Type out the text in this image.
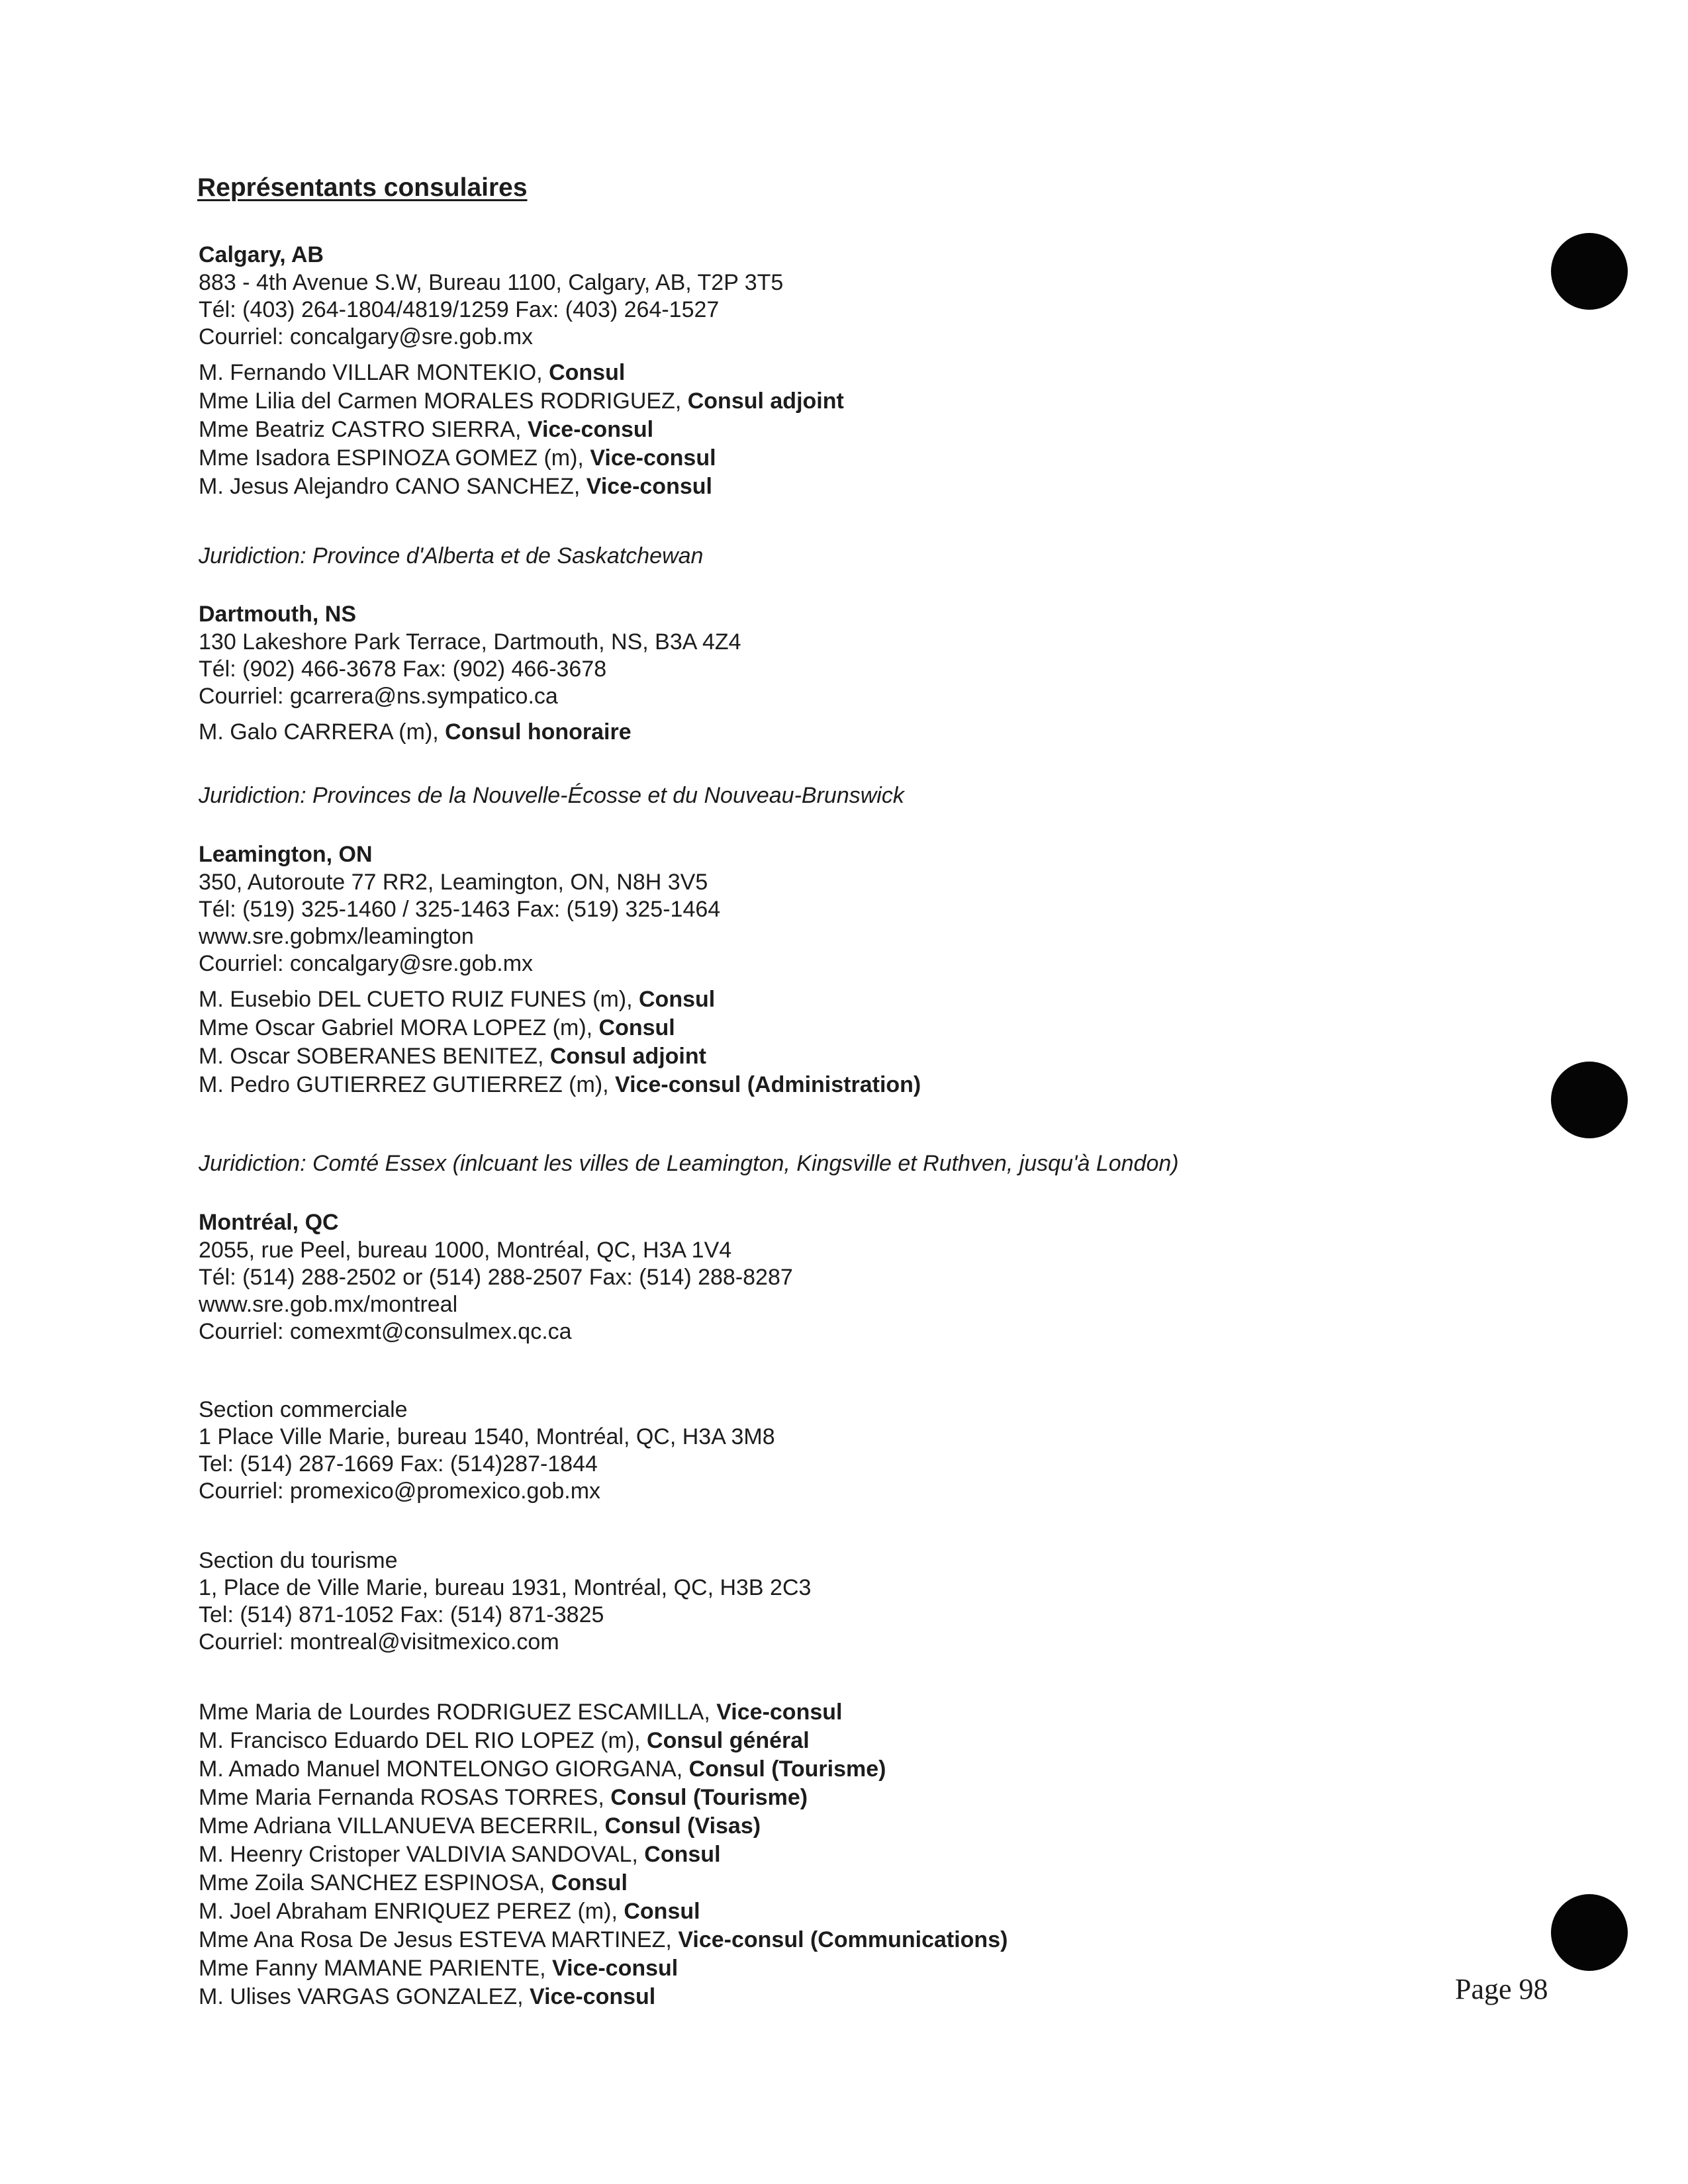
Représentants consulaires

Calgary, AB

883 - 4th Avenue S.W, Bureau 1100, Calgary, AB, T2P 3T5

Tél: (403) 264-1804/4819/1259 Fax: (403) 264-1527

Courriel: concalgary@sre.gob.mx

M. Fernando VILLAR MONTEKIO, Consul

Mme Lilia del Carmen MORALES RODRIGUEZ, Consul adjoint

Mme Beatriz CASTRO SIERRA, Vice-consul

Mme Isadora ESPINOZA GOMEZ (m), Vice-consul

M. Jesus Alejandro CANO SANCHEZ, Vice-consul

Juridiction: Province d'Alberta et de Saskatchewan

Dartmouth, NS

130 Lakeshore Park Terrace, Dartmouth, NS, B3A 4Z4

Tél: (902) 466-3678 Fax: (902) 466-3678

Courriel: gcarrera@ns.sympatico.ca

M. Galo CARRERA (m), Consul honoraire

Juridiction: Provinces de la Nouvelle-Écosse et du Nouveau-Brunswick

Leamington, ON

350, Autoroute 77 RR2, Leamington, ON, N8H 3V5

Tél: (519) 325-1460 / 325-1463 Fax: (519) 325-1464

www.sre.gobmx/leamington

Courriel: concalgary@sre.gob.mx

M. Eusebio DEL CUETO RUIZ FUNES (m), Consul

Mme Oscar Gabriel MORA LOPEZ (m), Consul

M. Oscar SOBERANES BENITEZ, Consul adjoint

M. Pedro GUTIERREZ GUTIERREZ (m), Vice-consul (Administration)

Juridiction: Comté Essex (inlcuant les villes de Leamington, Kingsville et Ruthven, jusqu'à London)

Montréal, QC

2055, rue Peel, bureau 1000, Montréal, QC, H3A 1V4

Tél: (514) 288-2502 or (514) 288-2507 Fax: (514) 288-8287

www.sre.gob.mx/montreal

Courriel: comexmt@consulmex.qc.ca

Section commerciale

1 Place Ville Marie, bureau 1540, Montréal, QC, H3A 3M8

Tel: (514) 287-1669 Fax: (514)287-1844

Courriel: promexico@promexico.gob.mx

Section du tourisme

1, Place de Ville Marie, bureau 1931, Montréal, QC, H3B 2C3

Tel: (514) 871-1052 Fax: (514) 871-3825

Courriel: montreal@visitmexico.com

Mme Maria de Lourdes RODRIGUEZ ESCAMILLA, Vice-consul

M. Francisco Eduardo DEL RIO LOPEZ (m), Consul général

M. Amado Manuel MONTELONGO GIORGANA, Consul (Tourisme)

Mme Maria Fernanda ROSAS TORRES, Consul (Tourisme)

Mme Adriana VILLANUEVA BECERRIL, Consul (Visas)

M. Heenry Cristoper VALDIVIA SANDOVAL, Consul

Mme Zoila SANCHEZ ESPINOSA, Consul

M. Joel Abraham ENRIQUEZ PEREZ (m), Consul

Mme Ana Rosa De Jesus ESTEVA MARTINEZ, Vice-consul (Communications)

Mme Fanny MAMANE PARIENTE, Vice-consul

M. Ulises VARGAS GONZALEZ, Vice-consul	Page 98
